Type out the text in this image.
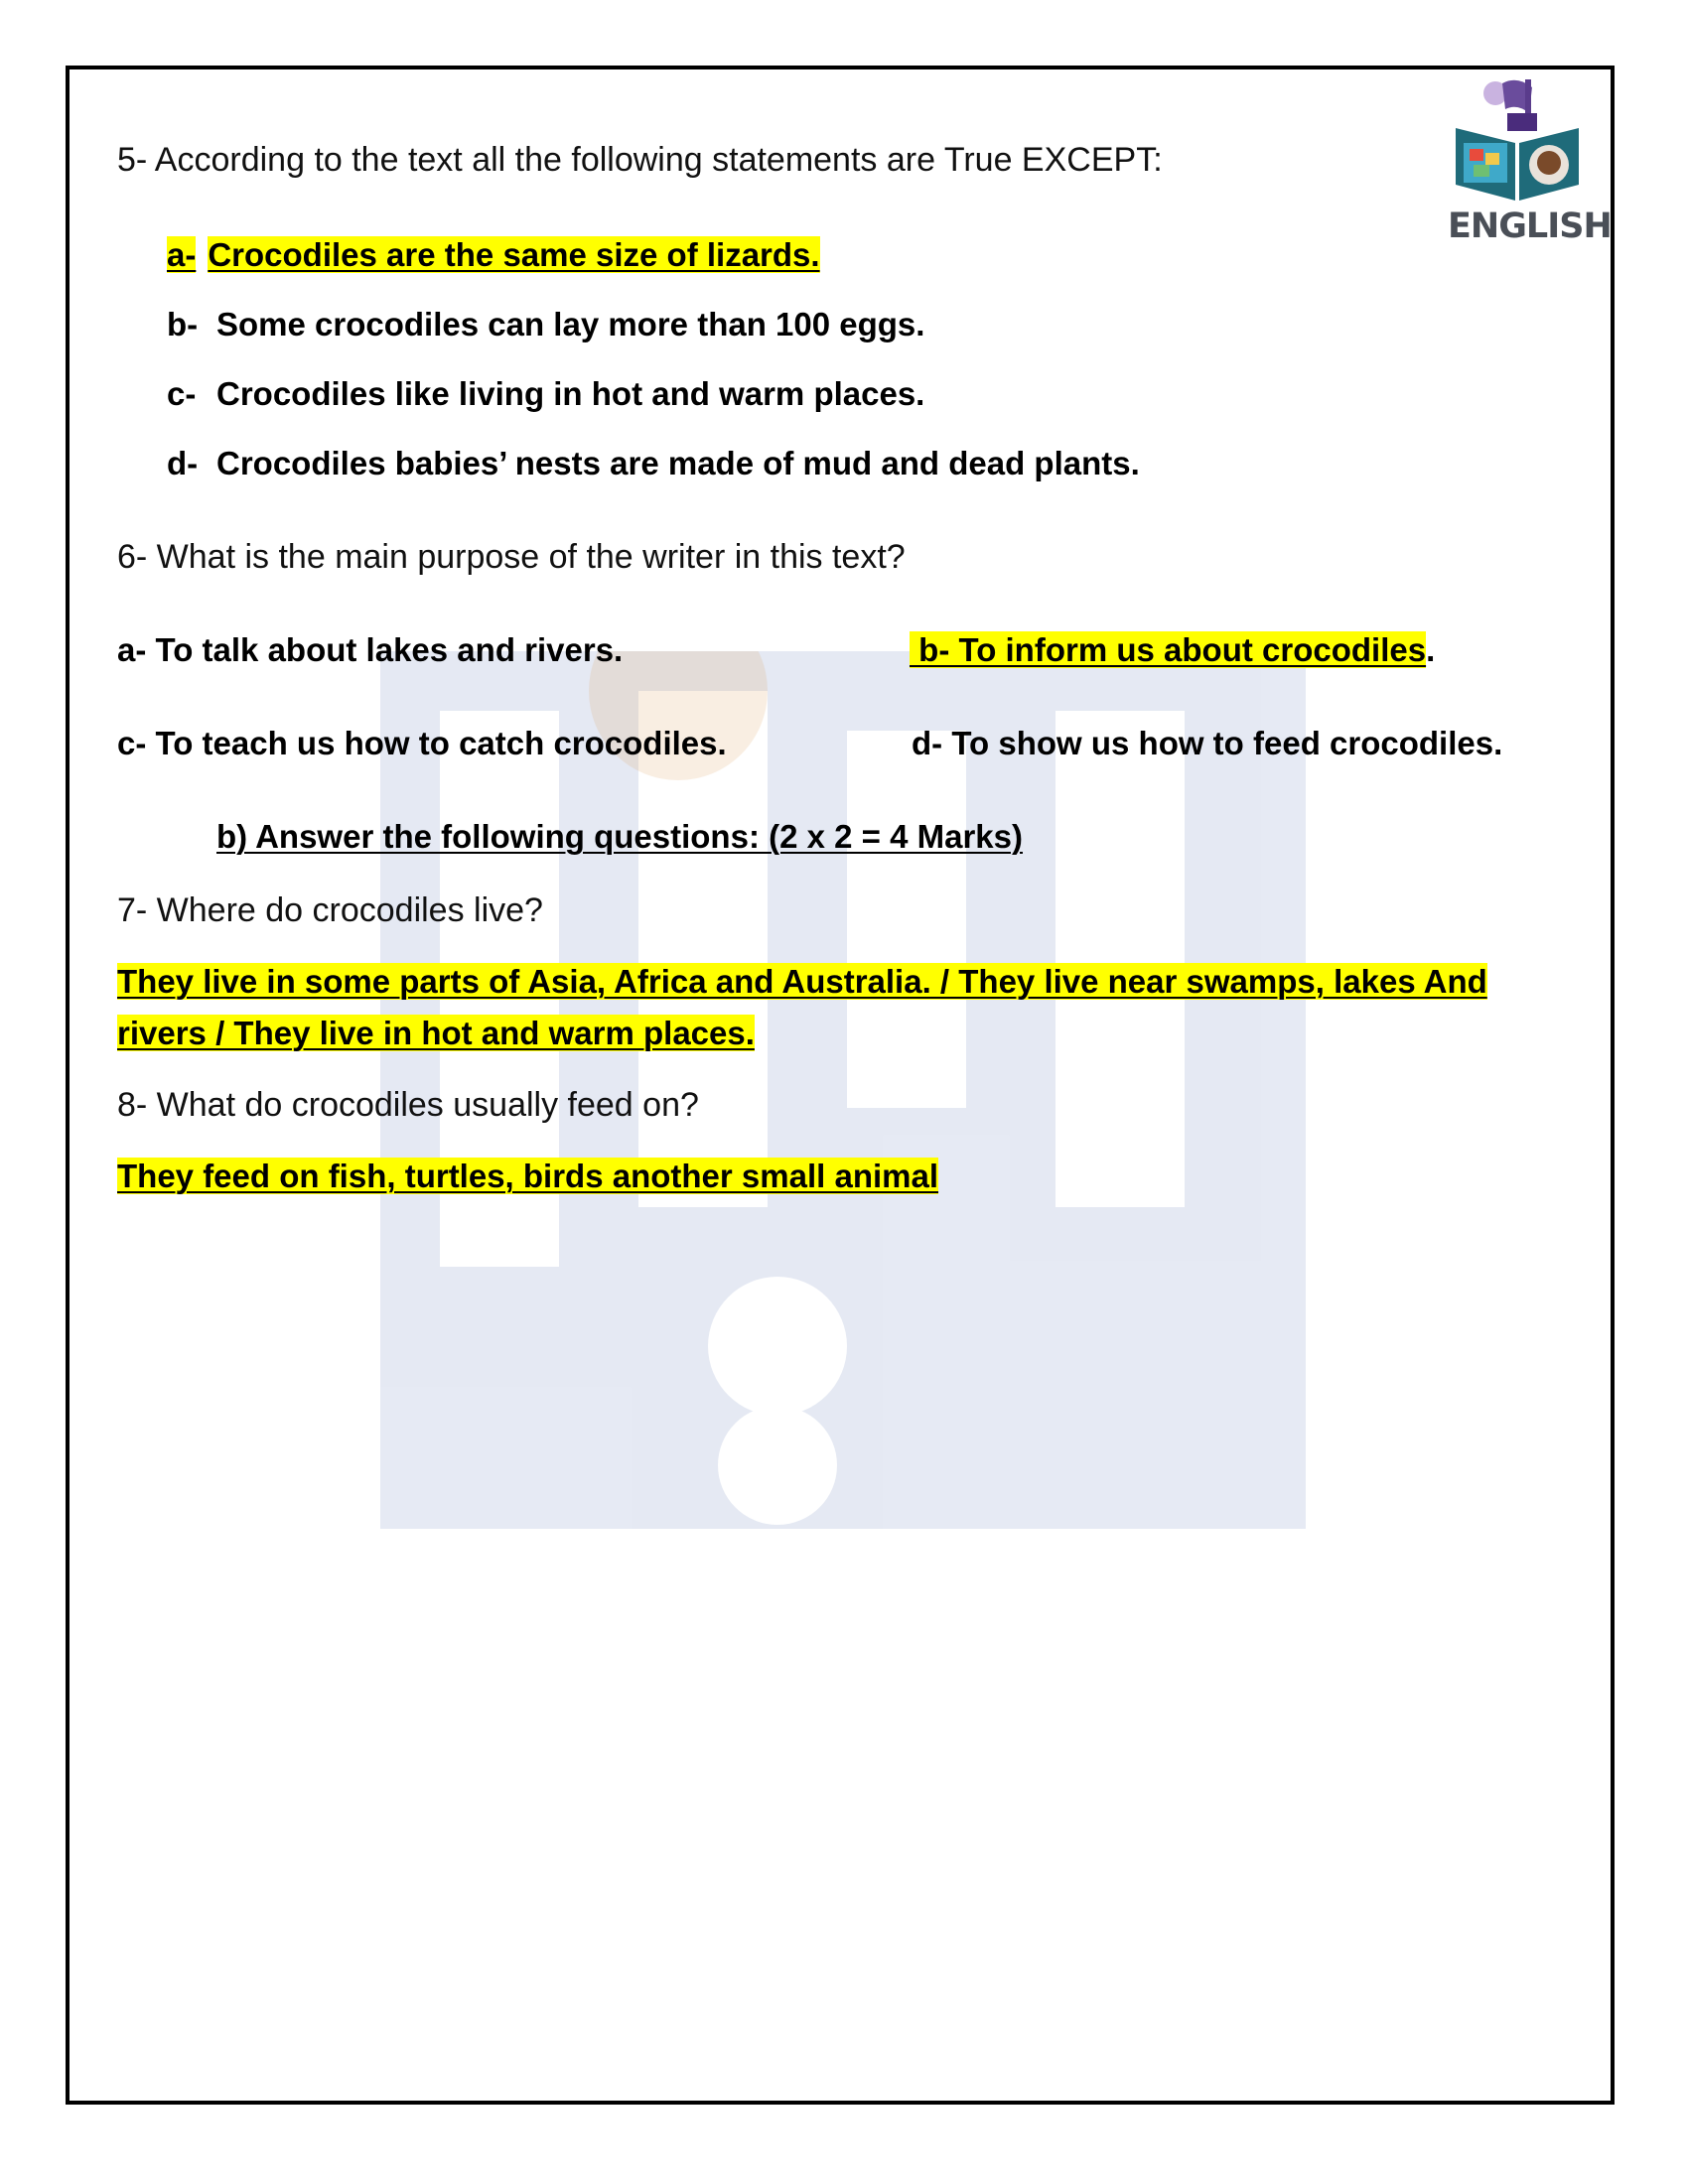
ENGLISH
5- According to the text all the following statements are True EXCEPT:
a- Crocodiles are the same size of lizards.
b- Some crocodiles can lay more than 100 eggs.
c- Crocodiles like living in hot and warm places.
d- Crocodiles babies’ nests are made of mud and dead plants.
6- What is the main purpose of the writer in this text?
a- To talk about lakes and rivers.	b- To inform us about crocodiles.
c- To teach us how to catch crocodiles.	d- To show us how to feed crocodiles.
b) Answer the following questions: (2 x 2 = 4 Marks)
7- Where do crocodiles live?
They live in some parts of Asia, Africa and Australia. / They live near swamps, lakes And
rivers / They live in hot and warm places.
8- What do crocodiles usually feed on?
They feed on fish, turtles, birds another small animal
